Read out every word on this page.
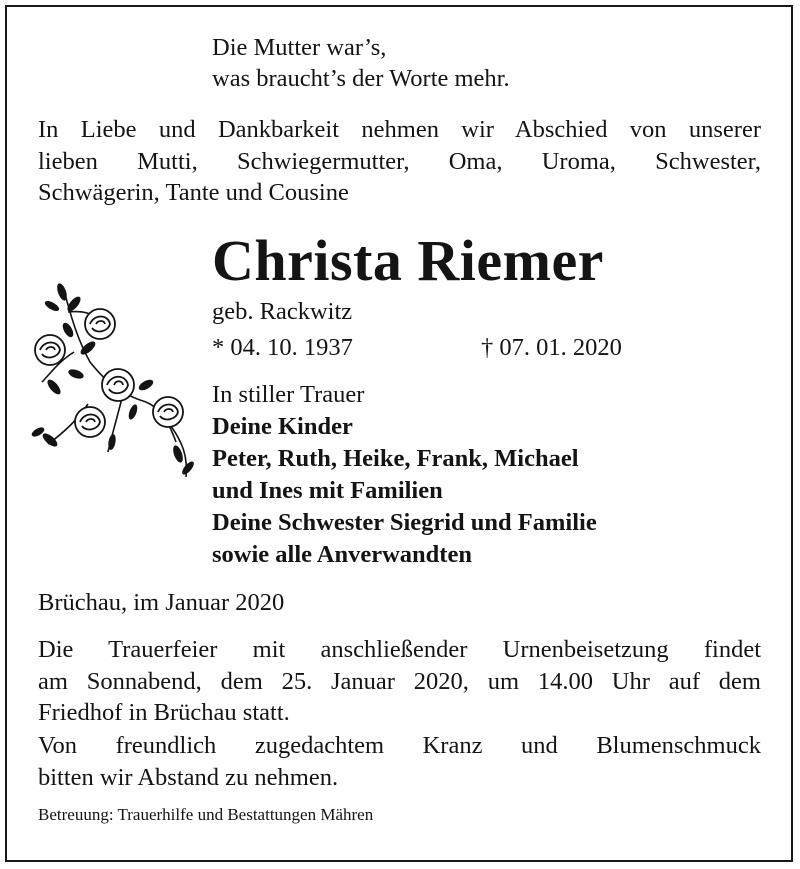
Die Mutter war’s,

was braucht’s der Worte mehr.

In Liebe und Dankbarkeit nehmen wir Abschied von unserer
lieben Mutti, Schwiegermutter, Oma, Uroma, Schwester,
Schwägerin, Tante und Cousine

Christa Riemer

geb. Rackwitz

* 04. 10. 1937	† 07. 01. 2020

In stiller Trauer

Deine Kinder

Peter, Ruth, Heike, Frank, Michael

und Ines mit Familien

Deine Schwester Siegrid und Familie

sowie alle Anverwandten

Brüchau, im Januar 2020

Die Trauerfeier mit anschließender Urnenbeisetzung findet
am Sonnabend, dem 25. Januar 2020, um 14.00 Uhr auf dem
Friedhof in Brüchau statt.
Von freundlich zugedachtem Kranz und Blumenschmuck
bitten wir Abstand zu nehmen.

Betreuung: Trauerhilfe und Bestattungen Mähren
